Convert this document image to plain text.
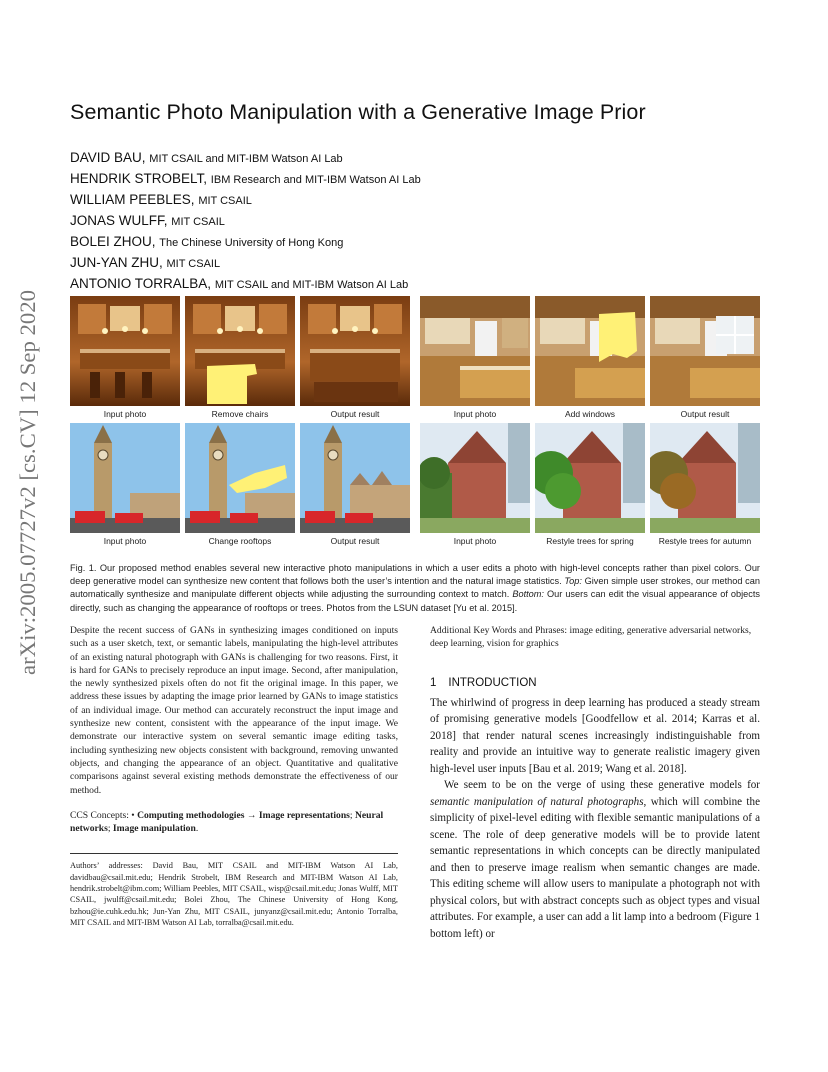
arXiv:2005.07727v2 [cs.CV] 12 Sep 2020
Semantic Photo Manipulation with a Generative Image Prior
DAVID BAU, MIT CSAIL and MIT-IBM Watson AI Lab
HENDRIK STROBELT, IBM Research and MIT-IBM Watson AI Lab
WILLIAM PEEBLES, MIT CSAIL
JONAS WULFF, MIT CSAIL
BOLEI ZHOU, The Chinese University of Hong Kong
JUN-YAN ZHU, MIT CSAIL
ANTONIO TORRALBA, MIT CSAIL and MIT-IBM Watson AI Lab
Input photo	Remove chairs	Output result	Input photo	Add windows	Output result
Input photo	Change rooftops	Output result	Input photo	Restyle trees for spring	Restyle trees for autumn

Fig. 1. Our proposed method enables several new interactive photo manipulations in which a user edits a photo with high-level concepts rather than pixel colors. Our deep generative model can synthesize new content that follows both the user’s intention and the natural image statistics. Top: Given simple user strokes, our method can automatically synthesize and manipulate different objects while adjusting the surrounding context to match. Bottom: Our users can edit the visual appearance of objects directly, such as changing the appearance of rooftops or trees. Photos from the LSUN dataset [Yu et al. 2015].

Despite the recent success of GANs in synthesizing images conditioned on inputs such as a user sketch, text, or semantic labels, manipulating the high-level attributes of an existing natural photograph with GANs is challenging for two reasons. First, it is hard for GANs to precisely reproduce an input image. Second, after manipulation, the newly synthesized pixels often do not fit the original image. In this paper, we address these issues by adapting the image prior learned by GANs to image statistics of an individual image. Our method can accurately reconstruct the input image and synthesize new content, consistent with the appearance of the input image. We demonstrate our interactive system on several semantic image editing tasks, including synthesizing new objects consistent with background, removing unwanted objects, and changing the appearance of an object. Quantitative and qualitative comparisons against several existing methods demonstrate the effectiveness of our method.

CCS Concepts: • Computing methodologies → Image representations; Neural networks; Image manipulation.

Authors’ addresses: David Bau, MIT CSAIL and MIT-IBM Watson AI Lab, davidbau@csail.mit.edu; Hendrik Strobelt, IBM Research and MIT-IBM Watson AI Lab, hendrik.strobelt@ibm.com; William Peebles, MIT CSAIL, wisp@csail.mit.edu; Jonas Wulff, MIT CSAIL, jwulff@csail.mit.edu; Bolei Zhou, The Chinese University of Hong Kong, bzhou@ie.cuhk.edu.hk; Jun-Yan Zhu, MIT CSAIL, junyanz@csail.mit.edu; Antonio Torralba, MIT CSAIL and MIT-IBM Watson AI Lab, torralba@csail.mit.edu.

Additional Key Words and Phrases: image editing, generative adversarial networks, deep learning, vision for graphics

1 INTRODUCTION

The whirlwind of progress in deep learning has produced a steady stream of promising generative models [Goodfellow et al. 2014; Karras et al. 2018] that render natural scenes increasingly indistinguishable from reality and provide an intuitive way to generate realistic imagery given high-level user inputs [Bau et al. 2019; Wang et al. 2018].

We seem to be on the verge of using these generative models for semantic manipulation of natural photographs, which will combine the simplicity of pixel-level editing with flexible semantic manipulations of a scene. The role of deep generative models will be to provide latent semantic representations in which concepts can be directly manipulated and then to preserve image realism when semantic changes are made. This editing scheme will allow users to manipulate a photograph not with physical colors, but with abstract concepts such as object types and visual attributes. For example, a user can add a lit lamp into a bedroom (Figure 1 bottom left) or
